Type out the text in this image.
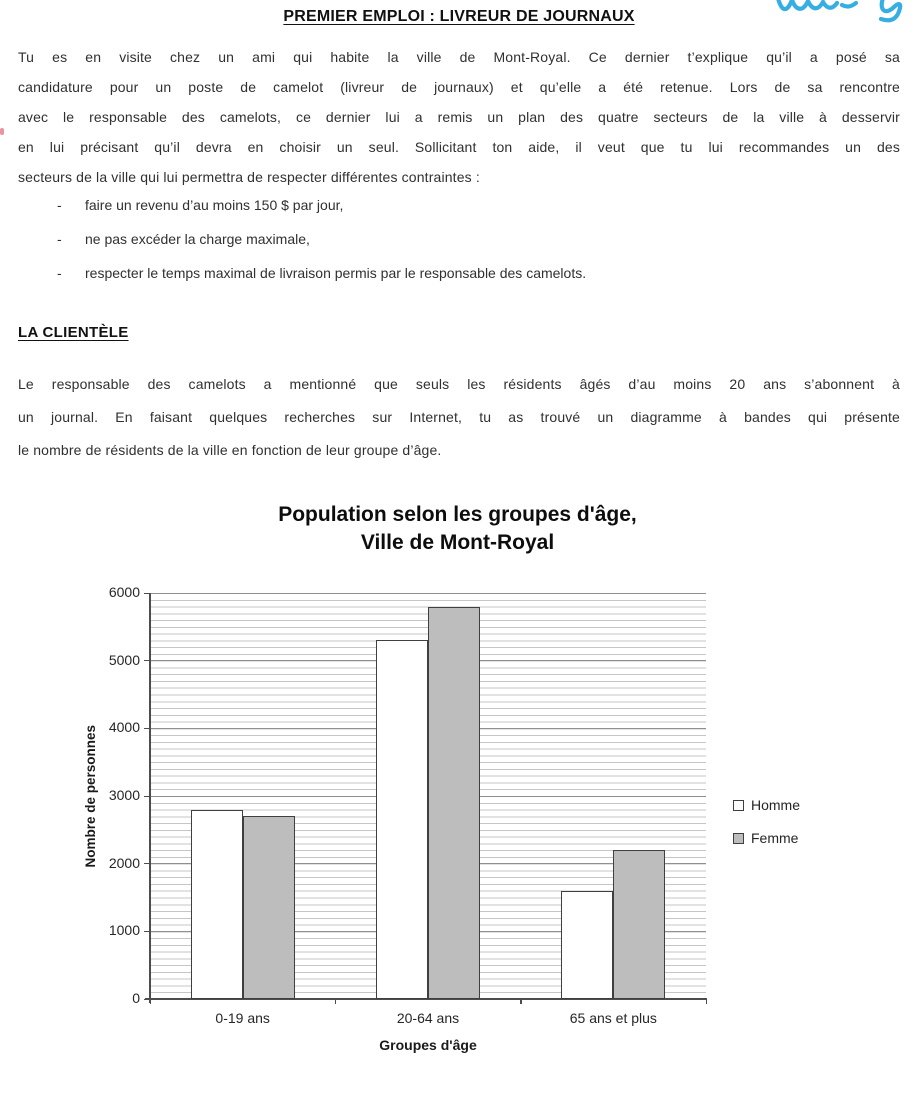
PREMIER EMPLOI : LIVREUR DE JOURNAUX
Tu es en visite chez un ami qui habite la ville de Mont-Royal. Ce dernier t’explique qu’il a posé sa
candidature pour un poste de camelot (livreur de journaux) et qu’elle a été retenue. Lors de sa rencontre
avec le responsable des camelots, ce dernier lui a remis un plan des quatre secteurs de la ville à desservir
en lui précisant qu’il devra en choisir un seul. Sollicitant ton aide, il veut que tu lui recommandes un des
secteurs de la ville qui lui permettra de respecter différentes contraintes :
- faire un revenu d’au moins 150 $ par jour,
- ne pas excéder la charge maximale,
- respecter le temps maximal de livraison permis par le responsable des camelots.
LA CLIENTÈLE
Le responsable des camelots a mentionné que seuls les résidents âgés d’au moins 20 ans s’abonnent à
un journal. En faisant quelques recherches sur Internet, tu as trouvé un diagramme à bandes qui présente
le nombre de résidents de la ville en fonction de leur groupe d’âge.
Population selon les groupes d'âge,
Ville de Mont-Royal
Nombre de personnes
Groupes d'âge
Homme
Femme
0
1000
2000
3000
4000
5000
6000
0-19 ans	20-64 ans	65 ans et plus
